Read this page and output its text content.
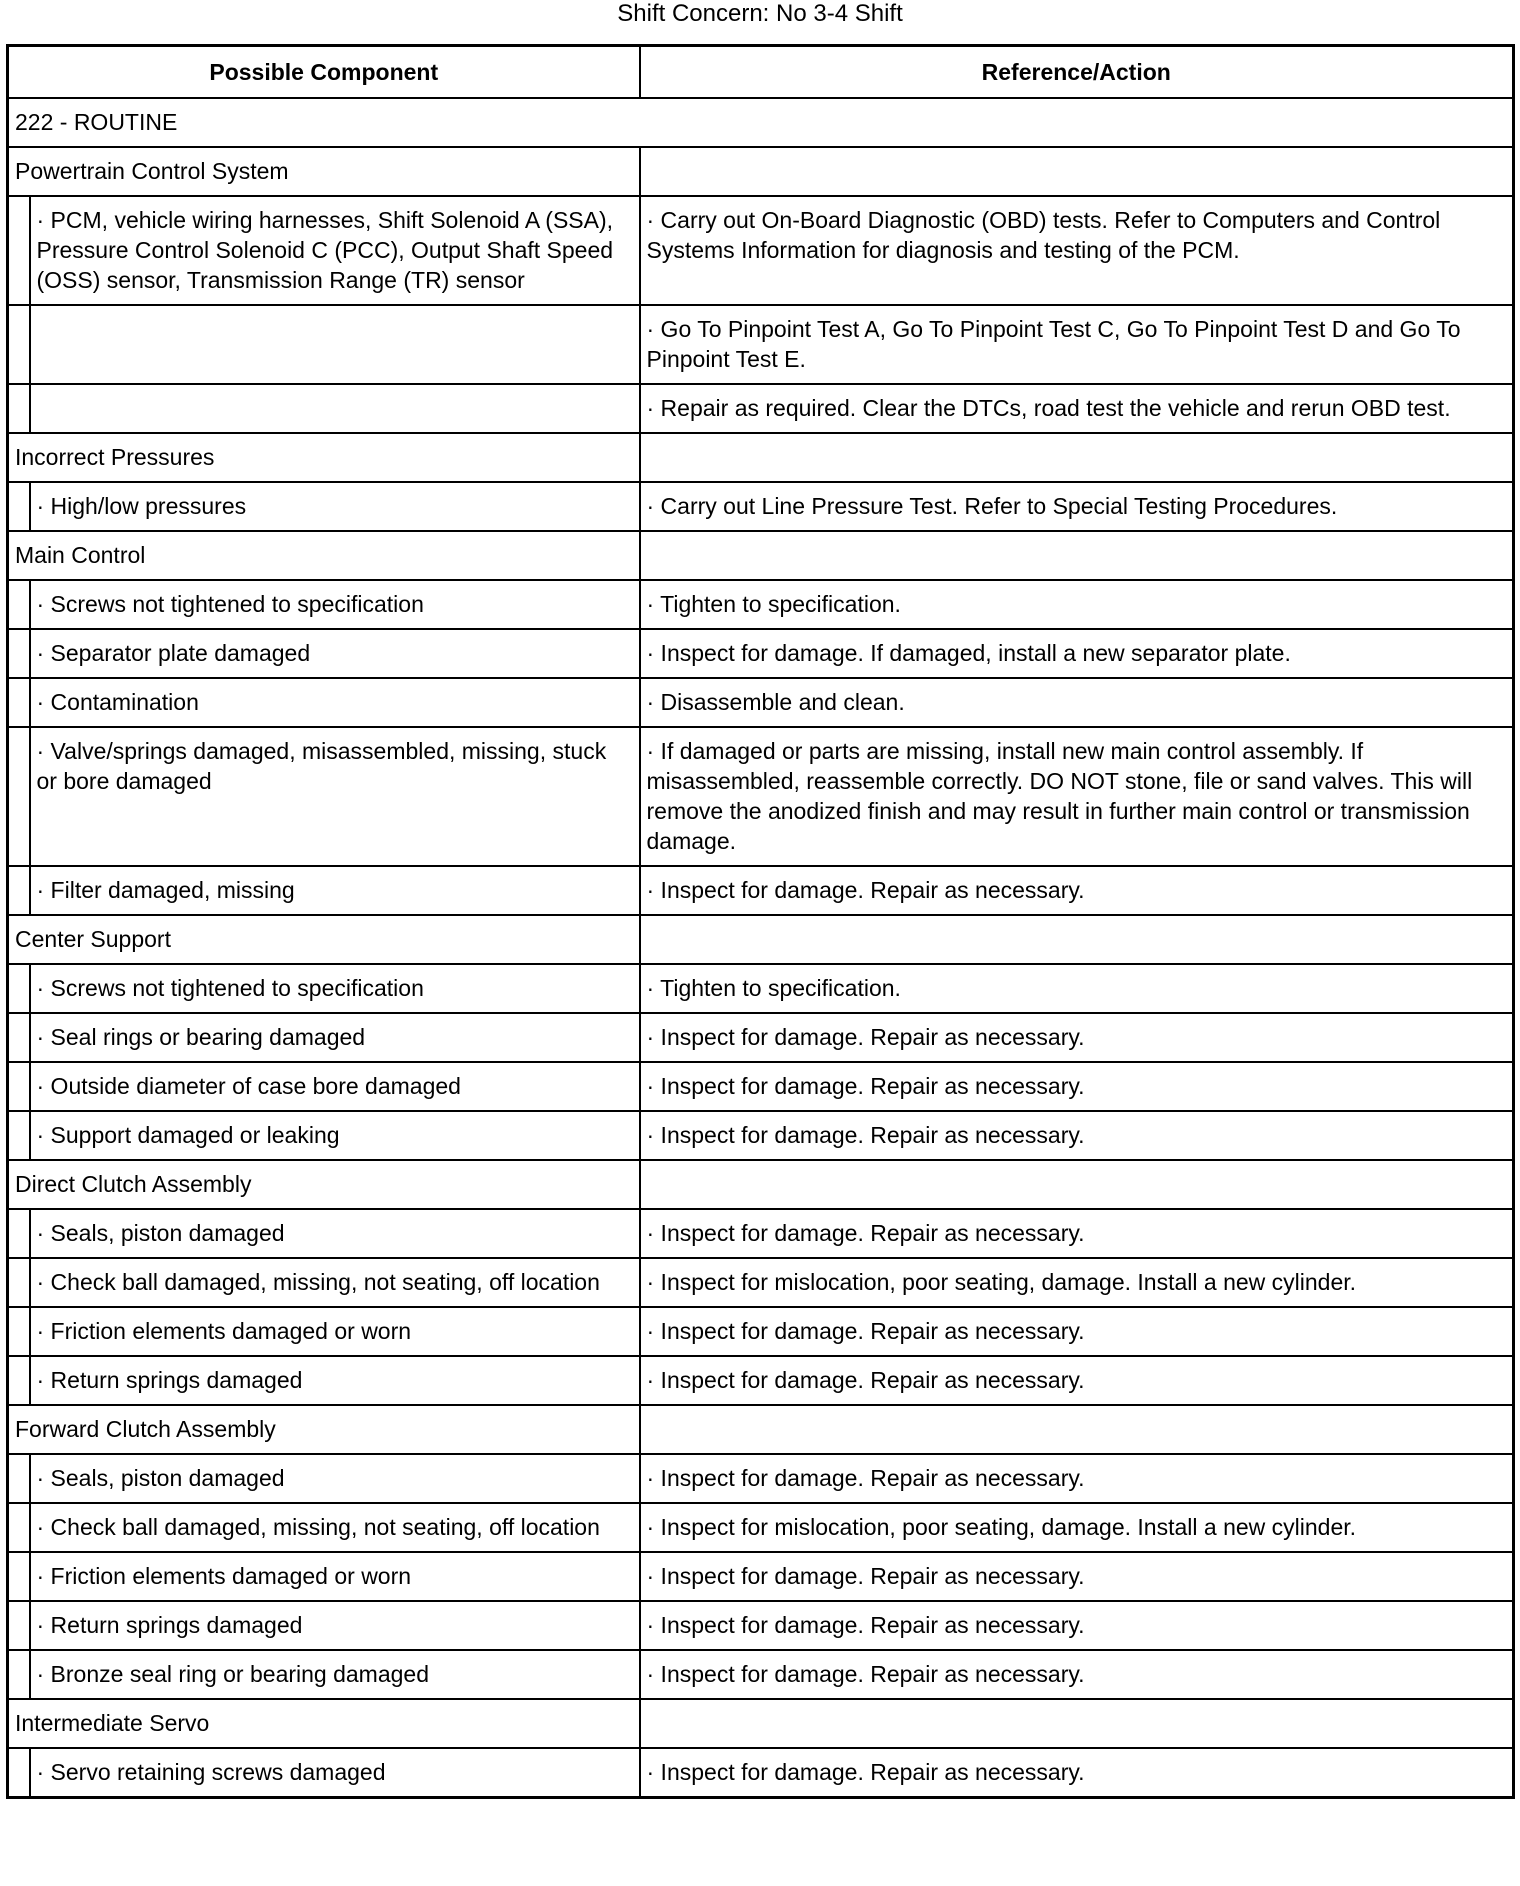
Shift Concern: No 3-4 Shift
Possible Component		Reference/Action
222 - ROUTINE		
Powertrain Control System		
	· PCM, vehicle wiring harnesses, Shift Solenoid A (SSA), Pressure Control Solenoid C (PCC), Output Shaft Speed (OSS) sensor, Transmission Range (TR) sensor	· Carry out On-Board Diagnostic (OBD) tests. Refer to Computers and Control Systems Information for diagnosis and testing of the PCM.
		· Go To Pinpoint Test A, Go To Pinpoint Test C, Go To Pinpoint Test D and Go To Pinpoint Test E.
		· Repair as required. Clear the DTCs, road test the vehicle and rerun OBD test.
Incorrect Pressures		
	· High/low pressures	· Carry out Line Pressure Test. Refer to Special Testing Procedures.
Main Control		
	· Screws not tightened to specification	· Tighten to specification.
	· Separator plate damaged	· Inspect for damage. If damaged, install a new separator plate.
	· Contamination	· Disassemble and clean.
	· Valve/springs damaged, misassembled, missing, stuck or bore damaged	· If damaged or parts are missing, install new main control assembly. If misassembled, reassemble correctly. DO NOT stone, file or sand valves. This will remove the anodized finish and may result in further main control or transmission damage.
	· Filter damaged, missing	· Inspect for damage. Repair as necessary.
Center Support		
	· Screws not tightened to specification	· Tighten to specification.
	· Seal rings or bearing damaged	· Inspect for damage. Repair as necessary.
	· Outside diameter of case bore damaged	· Inspect for damage. Repair as necessary.
	· Support damaged or leaking	· Inspect for damage. Repair as necessary.
Direct Clutch Assembly		
	· Seals, piston damaged	· Inspect for damage. Repair as necessary.
	· Check ball damaged, missing, not seating, off location	· Inspect for mislocation, poor seating, damage. Install a new cylinder.
	· Friction elements damaged or worn	· Inspect for damage. Repair as necessary.
	· Return springs damaged	· Inspect for damage. Repair as necessary.
Forward Clutch Assembly		
	· Seals, piston damaged	· Inspect for damage. Repair as necessary.
	· Check ball damaged, missing, not seating, off location	· Inspect for mislocation, poor seating, damage. Install a new cylinder.
	· Friction elements damaged or worn	· Inspect for damage. Repair as necessary.
	· Return springs damaged	· Inspect for damage. Repair as necessary.
	· Bronze seal ring or bearing damaged	· Inspect for damage. Repair as necessary.
Intermediate Servo		
	· Servo retaining screws damaged	· Inspect for damage. Repair as necessary.
